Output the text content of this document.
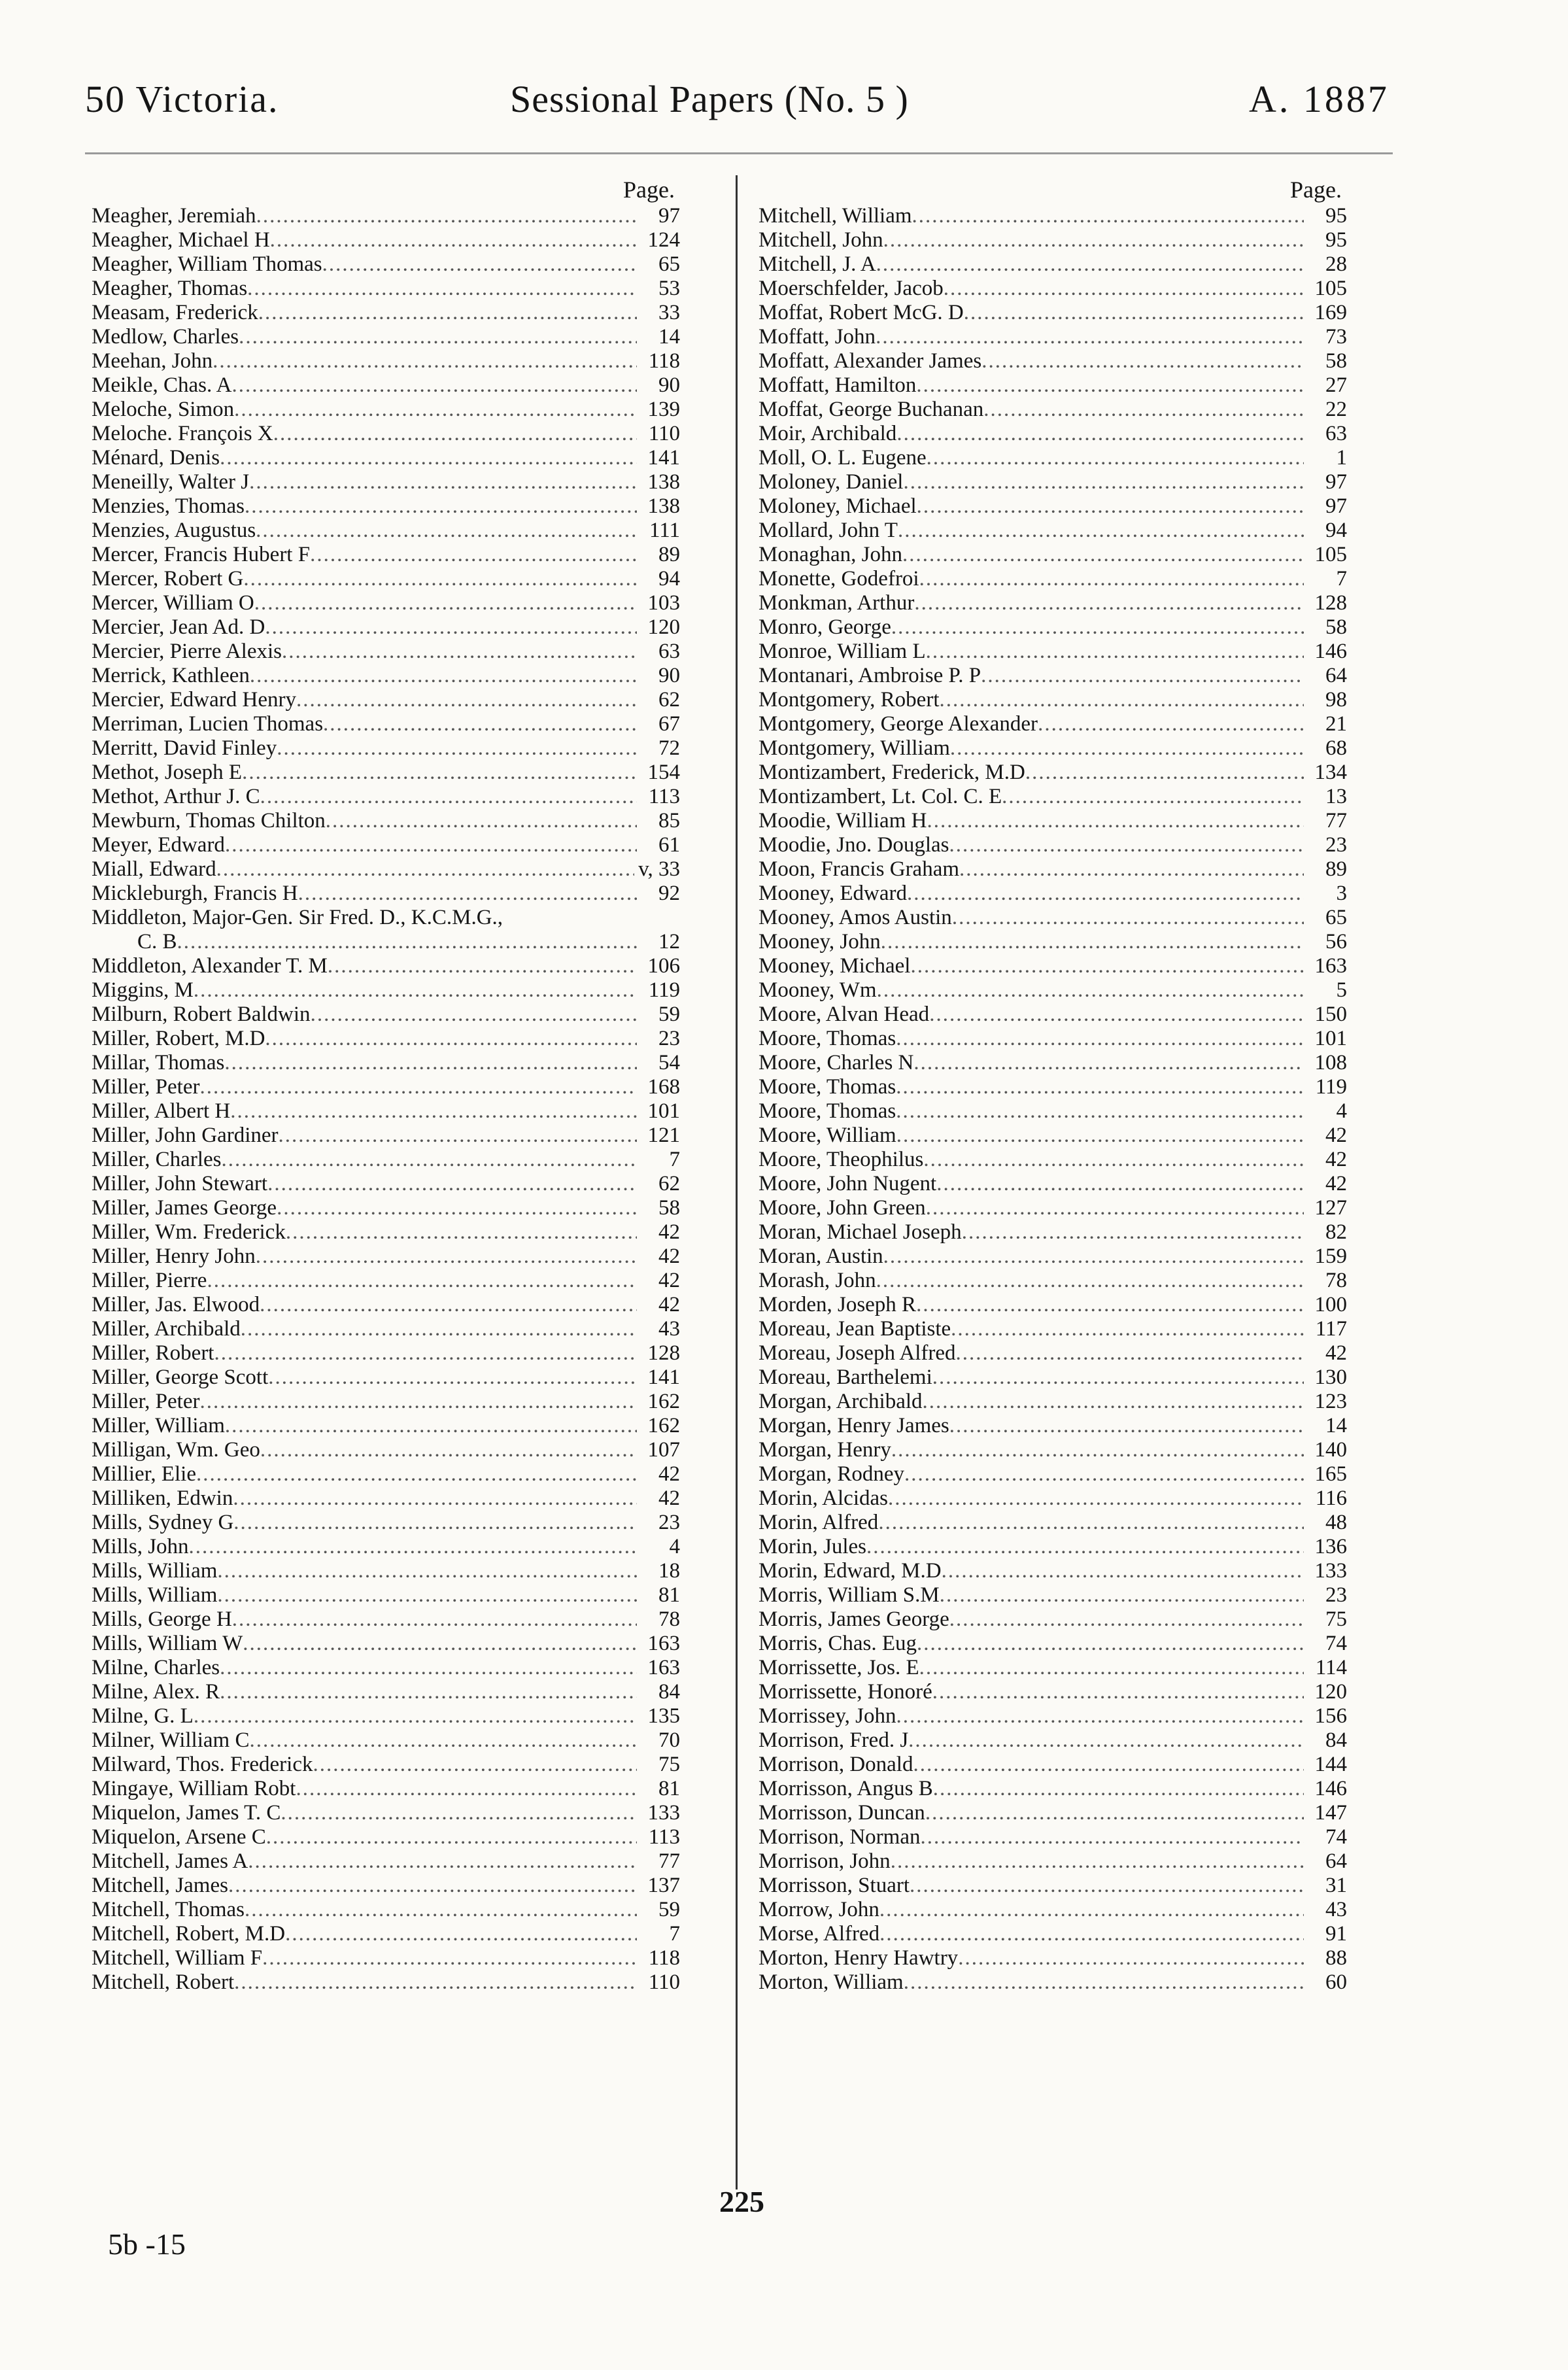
50 Victoria.	Sessional Papers (No. 5 )	A. 1887
Page.
Meagher, Jeremiah .....	97
Meagher, Michael H .....	124
Meagher, William Thomas .....	65
Meagher, Thomas .....	53
Measam, Frederick .....	33
Medlow, Charles .....	14
Meehan, John .....	118
Meikle, Chas. A .....	90
Meloche, Simon .....	139
Meloche. François X .....	110
Ménard, Denis .....	141
Meneilly, Walter J .....	138
Menzies, Thomas .....	138
Menzies, Augustus .....	111
Mercer, Francis Hubert F .....	89
Mercer, Robert G .....	94
Mercer, William O .....	103
Mercier, Jean Ad. D .....	120
Mercier, Pierre Alexis .....	63
Merrick, Kathleen .....	90
Mercier, Edward Henry .....	62
Merriman, Lucien Thomas .....	67
Merritt, David Finley .....	72
Methot, Joseph E .....	154
Methot, Arthur J. C .....	113
Mewburn, Thomas Chilton .....	85
Meyer, Edward .....	61
Miall, Edward .....	v, 33
Mickleburgh, Francis H .....	92
Middleton, Major-Gen. Sir Fred. D., K.C.M.G.,
C. B .....	12
Middleton, Alexander T. M .....	106
Miggins, M .....	119
Milburn, Robert Baldwin .....	59
Miller, Robert, M.D .....	23
Millar, Thomas .....	54
Miller, Peter .....	168
Miller, Albert H .....	101
Miller, John Gardiner .....	121
Miller, Charles .....	7
Miller, John Stewart .....	62
Miller, James George .....	58
Miller, Wm. Frederick .....	42
Miller, Henry John .....	42
Miller, Pierre .....	42
Miller, Jas. Elwood .....	42
Miller, Archibald .....	43
Miller, Robert .....	128
Miller, George Scott .....	141
Miller, Peter .....	162
Miller, William .....	162
Milligan, Wm. Geo .....	107
Millier, Elie .....	42
Milliken, Edwin .....	42
Mills, Sydney G .....	23
Mills, John .....	4
Mills, William .....	18
Mills, William .....	81
Mills, George H .....	78
Mills, William W .....	163
Milne, Charles .....	163
Milne, Alex. R .....	84
Milne, G. L .....	135
Milner, William C .....	70
Milward, Thos. Frederick .....	75
Mingaye, William Robt .....	81
Miquelon, James T. C .....	133
Miquelon, Arsene C .....	113
Mitchell, James A .....	77
Mitchell, James .....	137
Mitchell, Thomas .....	59
Mitchell, Robert, M.D .....	7
Mitchell, William F .....	118
Mitchell, Robert .....	110
Page.
Mitchell, William .....	95
Mitchell, John .....	95
Mitchell, J. A .....	28
Moerschfelder, Jacob .....	105
Moffat, Robert McG. D .....	169
Moffatt, John .....	73
Moffatt, Alexander James .....	58
Moffatt, Hamilton .....	27
Moffat, George Buchanan .....	22
Moir, Archibald .....	63
Moll, O. L. Eugene .....	1
Moloney, Daniel .....	97
Moloney, Michael .....	97
Mollard, John T .....	94
Monaghan, John .....	105
Monette, Godefroi .....	7
Monkman, Arthur .....	128
Monro, George .....	58
Monroe, William L .....	146
Montanari, Ambroise P. P .....	64
Montgomery, Robert .....	98
Montgomery, George Alexander .....	21
Montgomery, William .....	68
Montizambert, Frederick, M.D .....	134
Montizambert, Lt. Col. C. E .....	13
Moodie, William H .....	77
Moodie, Jno. Douglas .....	23
Moon, Francis Graham .....	89
Mooney, Edward .....	3
Mooney, Amos Austin .....	65
Mooney, John .....	56
Mooney, Michael .....	163
Mooney, Wm .....	5
Moore, Alvan Head .....	150
Moore, Thomas .....	101
Moore, Charles N .....	108
Moore, Thomas .....	119
Moore, Thomas .....	4
Moore, William .....	42
Moore, Theophilus .....	42
Moore, John Nugent .....	42
Moore, John Green .....	127
Moran, Michael Joseph .....	82
Moran, Austin .....	159
Morash, John .....	78
Morden, Joseph R .....	100
Moreau, Jean Baptiste .....	117
Moreau, Joseph Alfred .....	42
Moreau, Barthelemi .....	130
Morgan, Archibald .....	123
Morgan, Henry James .....	14
Morgan, Henry .....	140
Morgan, Rodney .....	165
Morin, Alcidas .....	116
Morin, Alfred .....	48
Morin, Jules .....	136
Morin, Edward, M.D .....	133
Morris, William S.M .....	23
Morris, James George .....	75
Morris, Chas. Eug .....	74
Morrissette, Jos. E .....	114
Morrissette, Honoré .....	120
Morrissey, John .....	156
Morrison, Fred. J .....	84
Morrison, Donald .....	144
Morrisson, Angus B .....	146
Morrisson, Duncan .....	147
Morrison, Norman .....	74
Morrison, John .....	64
Morrisson, Stuart .....	31
Morrow, John .....	43
Morse, Alfred .....	91
Morton, Henry Hawtry .....	88
Morton, William .....	60
5b -15
225
